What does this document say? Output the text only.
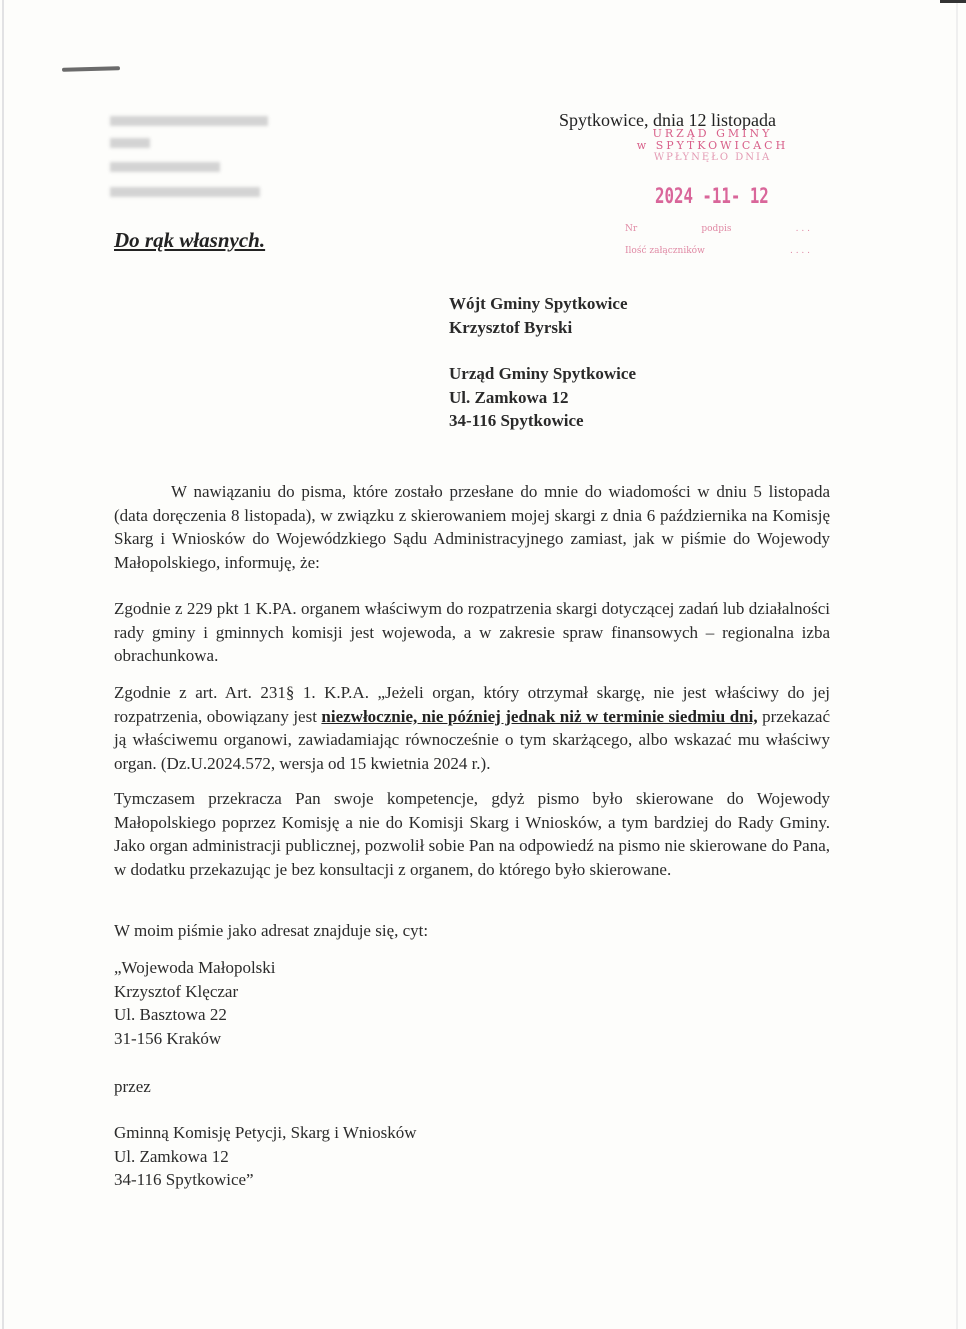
Do rąk własnych.
Spytkowice, dnia 12 listopada
URZĄD GMINY
w SPYTKOWICACH
WPŁYNĘŁO DNIA
2024 -11- 12
Nr	podpis	. . .
Ilość załączników	. . . .
Wójt Gminy Spytkowice
Krzysztof Byrski
Urząd Gminy Spytkowice
Ul. Zamkowa 12
34-116 Spytkowice

W nawiązaniu do pisma, które zostało przesłane do mnie do wiadomości w dniu 5 listopada (data doręczenia 8 listopada), w związku z skierowaniem mojej skargi z dnia 6 października na Komisję Skarg i Wniosków do Wojewódzkiego Sądu Administracyjnego zamiast, jak w piśmie do Wojewody Małopolskiego, informuję, że:

Zgodnie z 229 pkt 1 K.PA. organem właściwym do rozpatrzenia skargi dotyczącej zadań lub działalności rady gminy i gminnych komisji jest wojewoda, a w zakresie spraw finansowych – regionalna izba obrachunkowa.

Zgodnie z art. Art. 231§ 1. K.P.A. „Jeżeli organ, który otrzymał skargę, nie jest właściwy do jej rozpatrzenia, obowiązany jest niezwłocznie, nie później jednak niż w terminie siedmiu dni, przekazać ją właściwemu organowi, zawiadamiając równocześnie o tym skarżącego, albo wskazać mu właściwy organ. (Dz.U.2024.572, wersja od 15 kwietnia 2024 r.).

Tymczasem przekracza Pan swoje kompetencje, gdyż pismo było skierowane do Wojewody Małopolskiego poprzez Komisję a nie do Komisji Skarg i Wniosków, a tym bardziej do Rady Gminy. Jako organ administracji publicznej, pozwolił sobie Pan na odpowiedź na pismo nie skierowane do Pana, w dodatku przekazując je bez konsultacji z organem, do którego było skierowane.

W moim piśmie jako adresat znajduje się, cyt:

„Wojewoda Małopolski
Krzysztof Klęczar
Ul. Basztowa 22
31-156 Kraków
przez
Gminną Komisję Petycji, Skarg i Wniosków
Ul. Zamkowa 12
34-116 Spytkowice”
